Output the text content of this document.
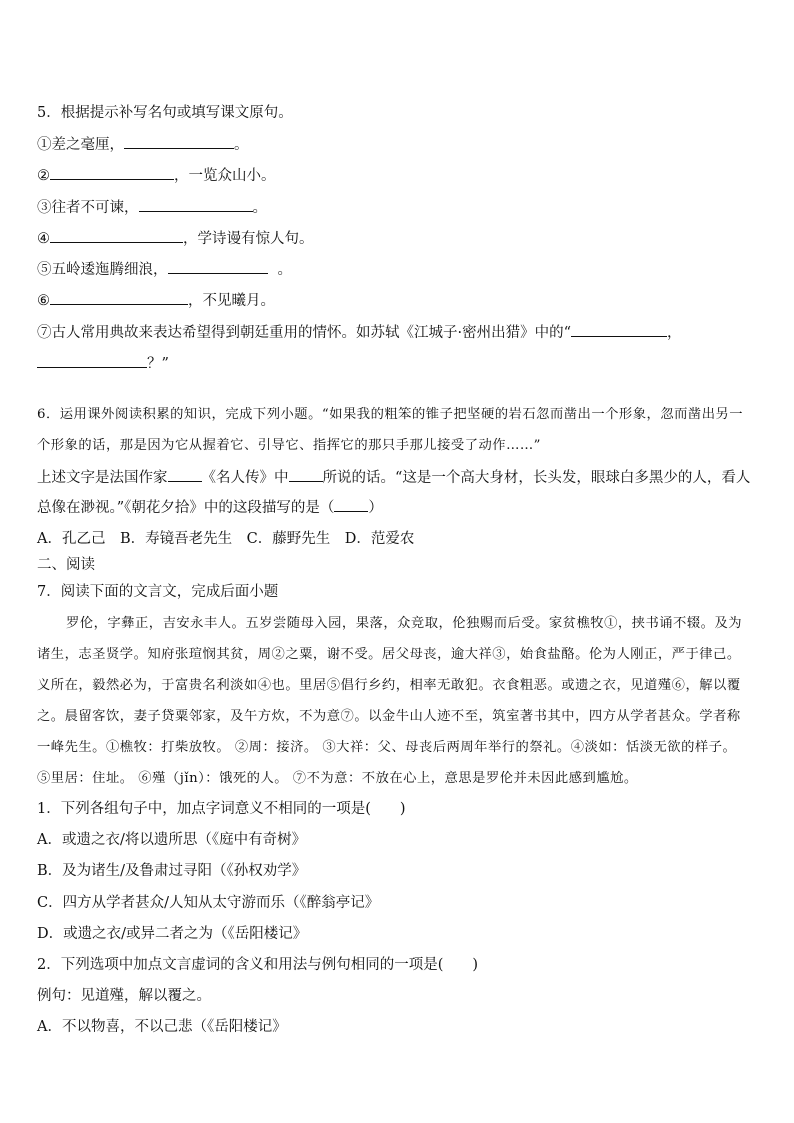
5．根据提示补写名句或填写课文原句。
①差之毫厘，	。
②	，一览众山小。
③往者不可谏，	。
④	，学诗谩有惊人句。
⑤五岭逶迤腾细浪，	。
⑥	，不见曦月。
⑦古人常用典故来表达希望得到朝廷重用的情怀。如苏轼《江城子·密州出猎》中的“	，
？”
6．运用课外阅读积累的知识，完成下列小题。“如果我的粗笨的锥子把坚硬的岩石忽而凿出一个形象，忽而凿出另一
个形象的话，那是因为它从握着它、引导它、指挥它的那只手那儿接受了动作……”
上述文字是法国作家 《名人传》中 所说的话。“这是一个高大身材，长头发，眼球白多黑少的人，看人
总像在渺视。”《朝花夕拾》中的这段描写的是（ ）
A．孔乙己　B．寿镜吾老先生　C．藤野先生　D．范爱农
二、阅读
7．阅读下面的文言文，完成后面小题
罗伦，字彝正，吉安永丰人。五岁尝随母入园，果落，众竞取，伦独赐而后受。家贫樵牧①，挟书诵不辍。及为
诸生，志圣贤学。知府张瑄悯其贫，周②之粟，谢不受。居父母丧，逾大祥③，始食盐酪。伦为人刚正，严于律己。
义所在，毅然必为，于富贵名利淡如④也。里居⑤倡行乡约，相率无敢犯。衣食粗恶。或遗之衣，见道殣⑥，解以覆
之。晨留客饮，妻子贷粟邻家，及午方炊，不为意⑦。以金牛山人迹不至，筑室著书其中，四方从学者甚众。学者称
一峰先生。①樵牧：打柴放牧。 ②周：接济。 ③大祥：父、母丧后两周年举行的祭礼。④淡如：恬淡无欲的样子。
⑤里居：住址。 ⑥殣（jǐn）：饿死的人。 ⑦不为意：不放在心上，意思是罗伦并未因此感到尴尬。
1．下列各组句子中，加点字词意义不相同的一项是(　　)
A．或遗之衣/将以遗所思（《庭中有奇树》
B．及为诸生/及鲁肃过寻阳（《孙权劝学》
C．四方从学者甚众/人知从太守游而乐（《醉翁亭记》
D．或遗之衣/或异二者之为（《岳阳楼记》
2．下列选项中加点文言虚词的含义和用法与例句相同的一项是(　　)
例句：见道殣，解以覆之。
A．不以物喜，不以己悲（《岳阳楼记》
